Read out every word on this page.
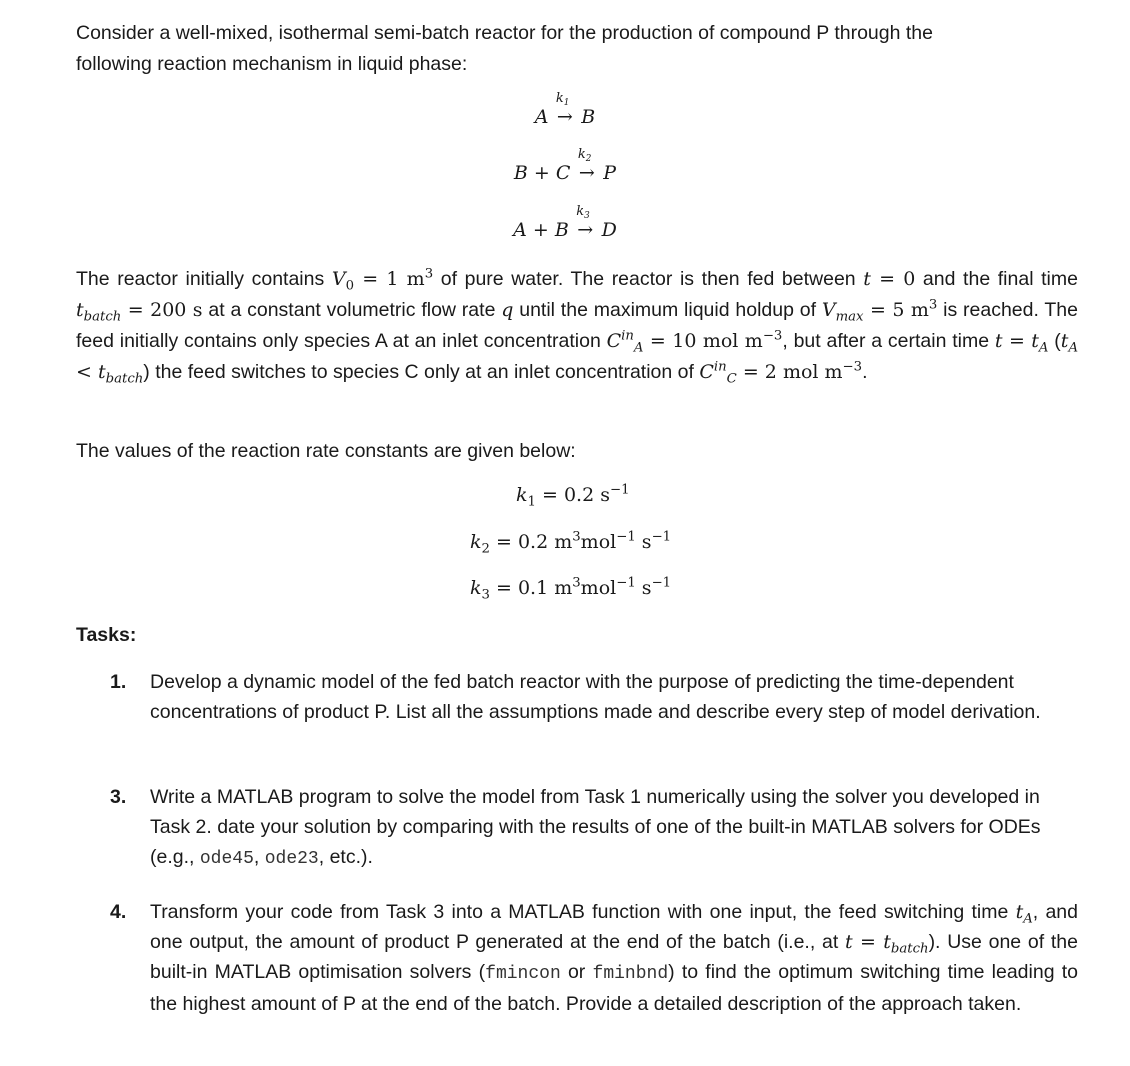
Consider a well-mixed, isothermal semi-batch reactor for the production of compound P through the
following reaction mechanism in liquid phase:

A
$k_1$
→ B
B + C
$k_2$
→ P
A + B
$k_3$
→ D

The reactor initially contains $V_0 = 1$ $m^3$ of pure water. The reactor is then fed between t = 0 and the final time $t_{batch} = 200$ s at a constant volumetric flow rate q until the maximum liquid holdup of $V_{max} = 5$ $m^3$ is reached. The feed initially contains only species A at an inlet concentration $C^{in}_A = 10$ mol $m^{-3}$, but after a certain time $t = t_A$ $(t_A < t_{batch})$ the feed switches to species C only at an inlet concentration of $C^{in}_C = 2$ mol $m^{-3}$.

The values of the reaction rate constants are given below:

$k_1 = 0.2$ $s^{-1}$
$k_2 = 0.2$ $m^3mol^{-1}$ $s^{-1}$
$k_3 = 0.1$ $m^3mol^{-1}$ $s^{-1}$
Tasks:
1. Develop a dynamic model of the fed batch reactor with the purpose of predicting the time-dependent concentrations of product P. List all the assumptions made and describe every step of model derivation.
3. Write a MATLAB program to solve the model from Task 1 numerically using the solver you developed in Task 2. date your solution by comparing with the results of one of the built-in MATLAB solvers for ODEs (e.g., ode45, ode23, etc.).
4. Transform your code from Task 3 into a MATLAB function with one input, the feed switching time $t_A$, and one output, the amount of product P generated at the end of the batch (i.e., at $t = t_{batch}$). Use one of the built-in MATLAB optimisation solvers (fmincon or fminbnd) to find the optimum switching time leading to the highest amount of P at the end of the batch. Provide a detailed description of the approach taken.
